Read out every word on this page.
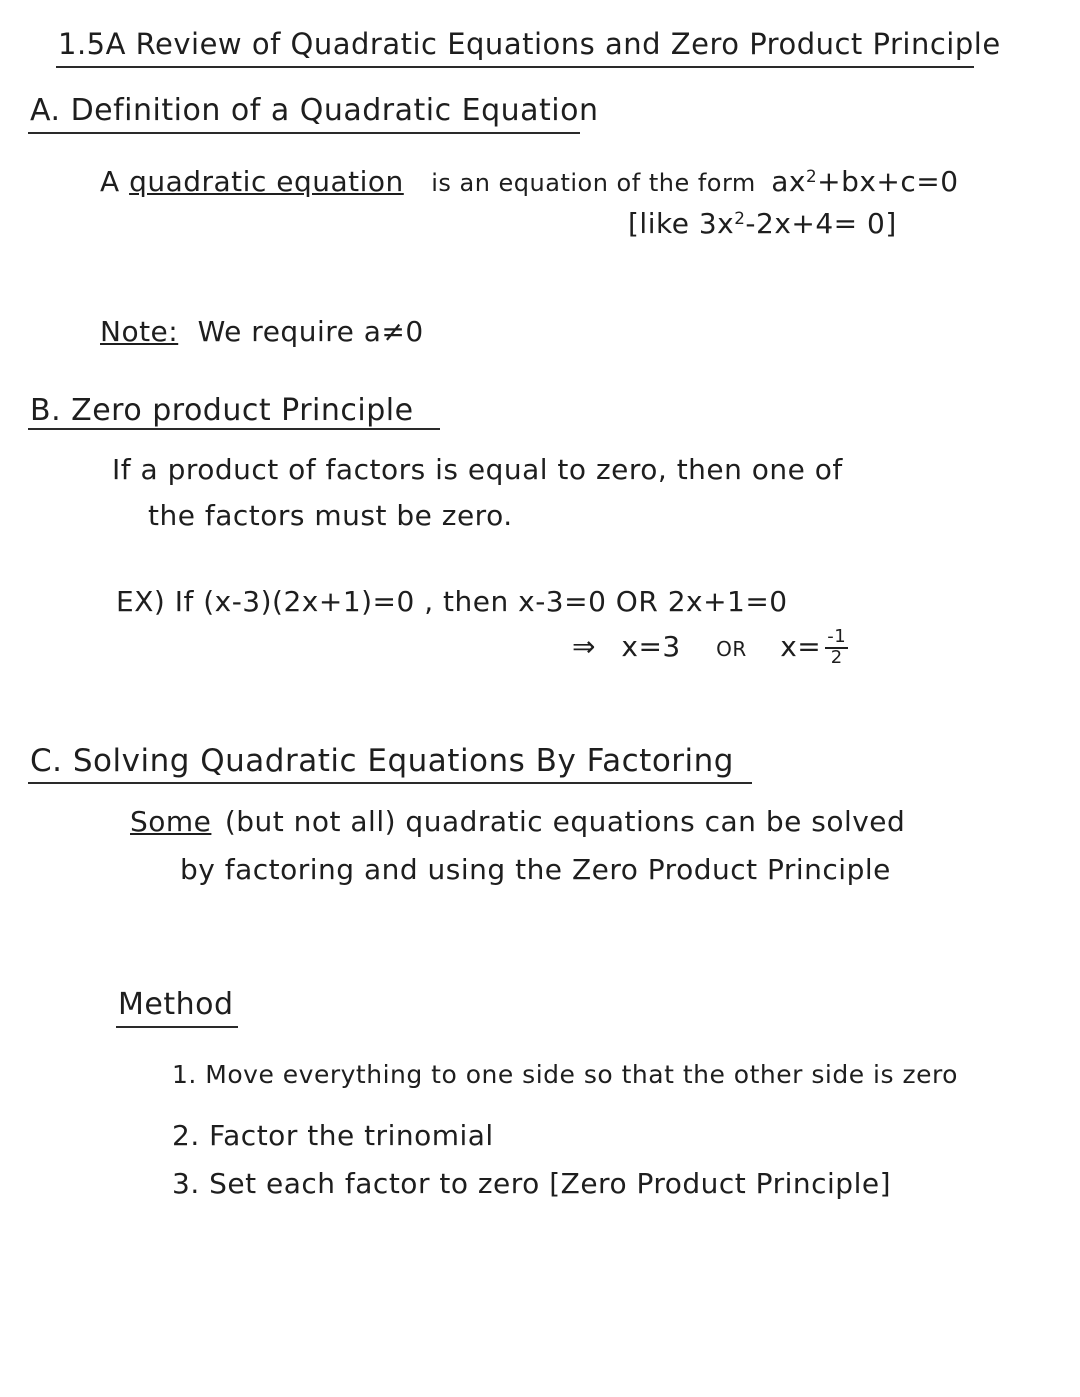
1.5A Review of Quadratic Equations and Zero Product Principle
A. Definition of a Quadratic Equation
A quadratic equation is an equation of the form $ax^2+bx+c=0$
[like $3x^2-2x+4= 0$]
Note: We require a≠0
B. Zero product Principle
If a product of factors is equal to zero, then one of
the factors must be zero.
EX) If (x-3)(2x+1)=0 , then x-3=0 OR 2x+1=0
⇒ x=3 OR $x= \frac{-1}{2}$
C. Solving Quadratic Equations By Factoring
Some (but not all) quadratic equations can be solved
by factoring and using the Zero Product Principle
Method
1. Move everything to one side so that the other side is zero
2. Factor the trinomial
3. Set each factor to zero [Zero Product Principle]
